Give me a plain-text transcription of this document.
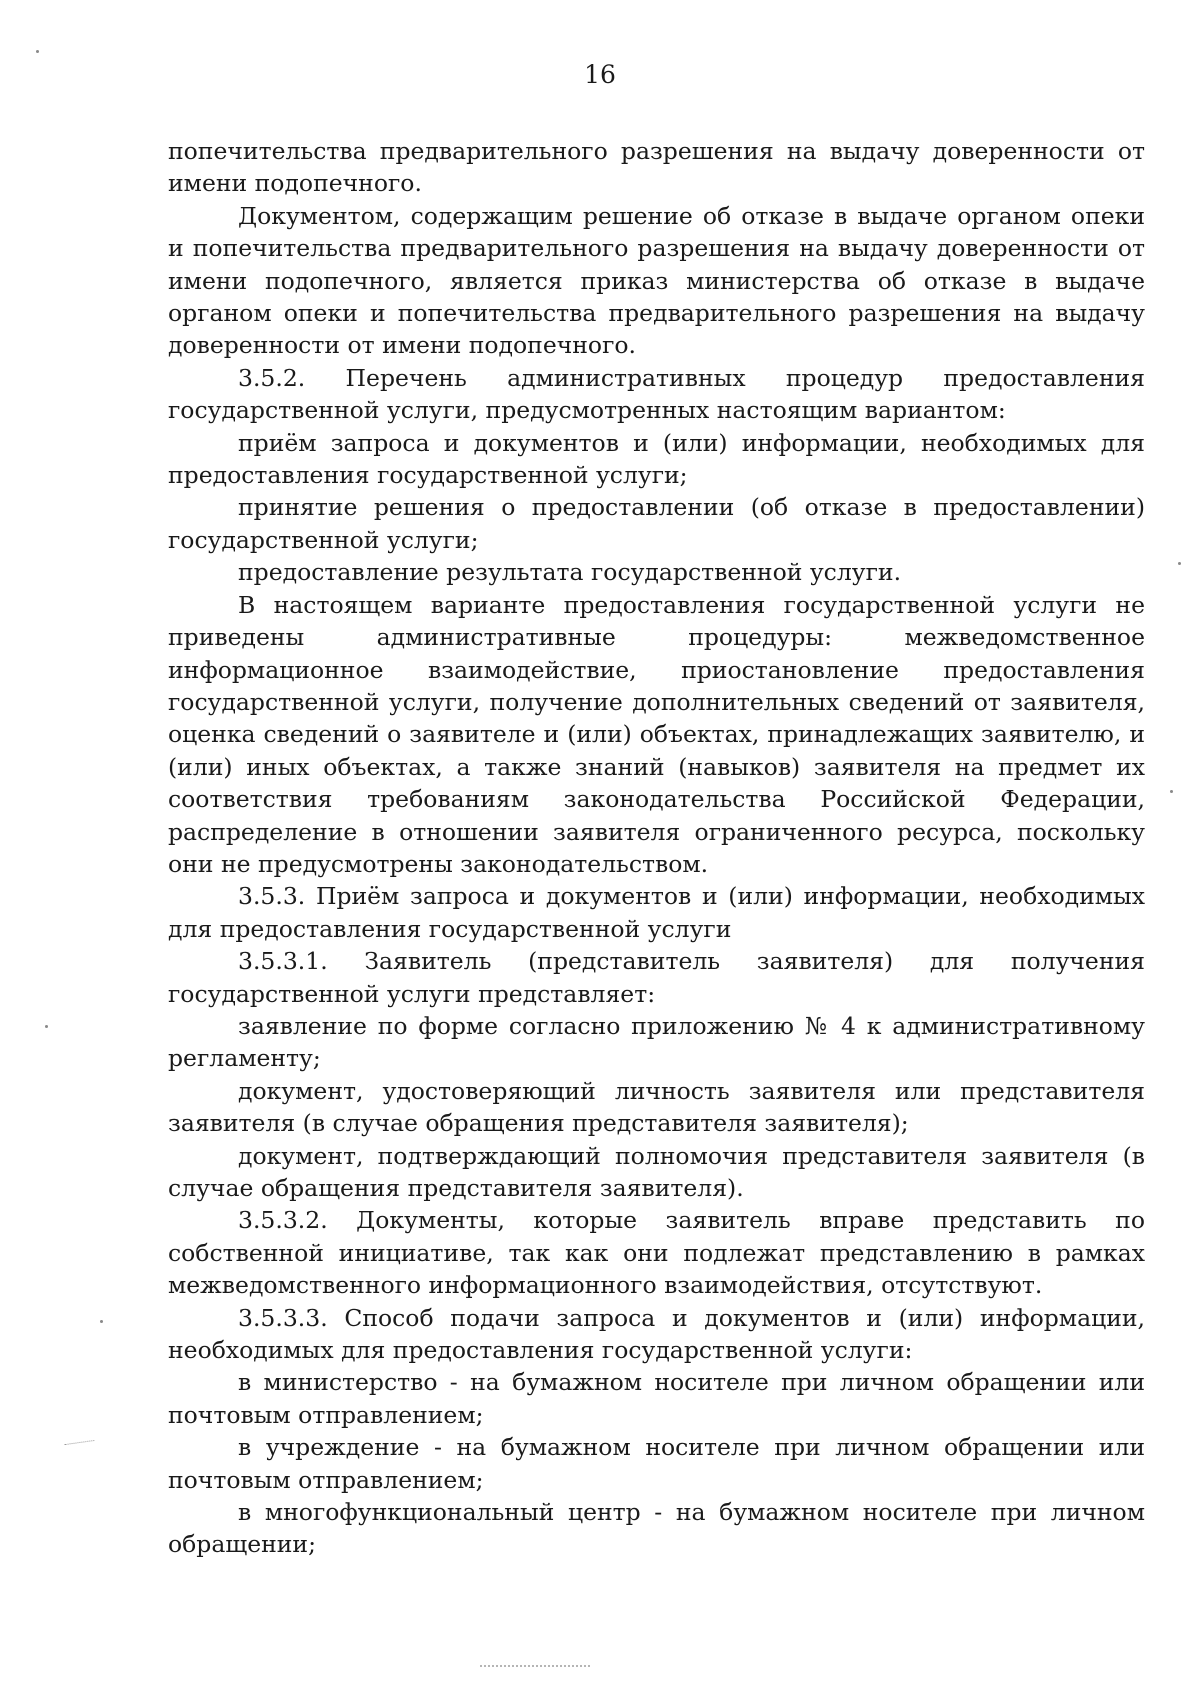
16

попечительства предварительного разрешения на выдачу доверенности от имени подопечного.

Документом, содержащим решение об отказе в выдаче органом опеки и попечительства предварительного разрешения на выдачу доверенности от имени подопечного, является приказ министерства об отказе в выдаче органом опеки и попечительства предварительного разрешения на выдачу доверенности от имени подопечного.

3.5.2. Перечень административных процедур предоставления государственной услуги, предусмотренных настоящим вариантом:

приём запроса и документов и (или) информации, необходимых для предоставления государственной услуги;

принятие решения о предоставлении (об отказе в предоставлении) государственной услуги;

предоставление результата государственной услуги.

В настоящем варианте предоставления государственной услуги не приведены административные процедуры: межведомственное информационное взаимодействие, приостановление предоставления государственной услуги, получение дополнительных сведений от заявителя, оценка сведений о заявителе и (или) объектах, принадлежащих заявителю, и (или) иных объектах, а также знаний (навыков) заявителя на предмет их соответствия требованиям законодательства Российской Федерации, распределение в отношении заявителя ограниченного ресурса, поскольку они не предусмотрены законодательством.

3.5.3. Приём запроса и документов и (или) информации, необходимых для предоставления государственной услуги

3.5.3.1. Заявитель (представитель заявителя) для получения государственной услуги представляет:

заявление по форме согласно приложению № 4 к административному регламенту;

документ, удостоверяющий личность заявителя или представителя заявителя (в случае обращения представителя заявителя);

документ, подтверждающий полномочия представителя заявителя (в случае обращения представителя заявителя).

3.5.3.2. Документы, которые заявитель вправе представить по собственной инициативе, так как они подлежат представлению в рамках межведомственного информационного взаимодействия, отсутствуют.

3.5.3.3. Способ подачи запроса и документов и (или) информации, необходимых для предоставления государственной услуги:

в министерство - на бумажном носителе при личном обращении или почтовым отправлением;

в учреждение - на бумажном носителе при личном обращении или почтовым отправлением;

в многофункциональный центр - на бумажном носителе при личном обращении;
